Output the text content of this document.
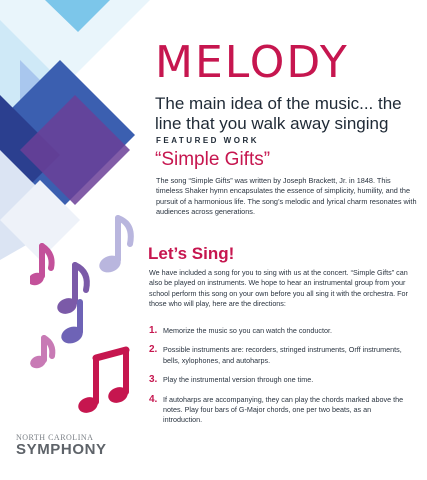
MELODY
The main idea of the music... the line that you walk away singing
FEATURED WORK
“Simple Gifts”
The song “Simple Gifts” was written by Joseph Brackett, Jr. in 1848. This timeless Shaker hymn encapsulates the essence of simplicity, humility, and the pursuit of a harmonious life. The song’s melodic and lyrical charm resonates with audiences across generations.
Let’s Sing!
We have included a song for you to sing with us at the concert. “Simple Gifts” can also be played on instruments. We hope to hear an instrumental group from your school perform this song on your own before you all sing it with the orchestra. For those who will play, here are the directions:
1. Memorize the music so you can watch the conductor.
2. Possible instruments are: recorders, stringed instruments, Orff instruments, bells, xylophones, and autoharps.
3. Play the instrumental version through one time.
4. If autoharps are accompanying, they can play the chords marked above the notes. Play four bars of G-Major chords, one per two beats, as an introduction.
NORTH CAROLINA
SYMPHONY
